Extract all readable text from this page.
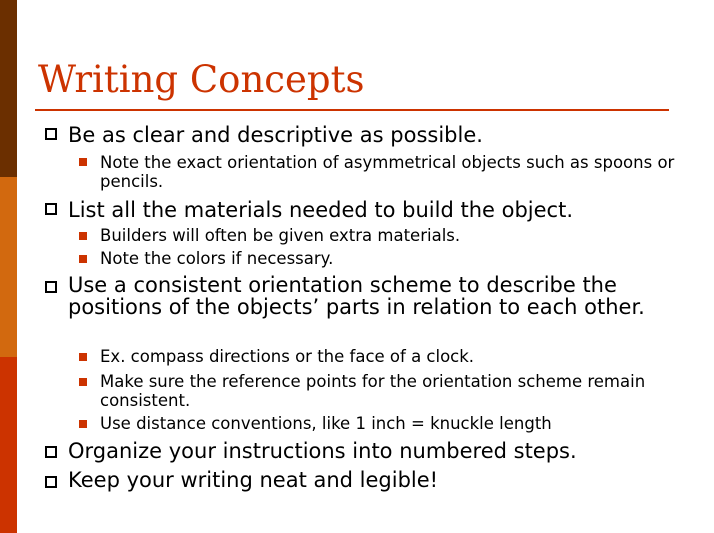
Writing Concepts
Be as clear and descriptive as possible.
Note the exact orientation of asymmetrical objects such as spoons or pencils.
List all the materials needed to build the object.
Builders will often be given extra materials.
Note the colors if necessary.
Use a consistent orientation scheme to describe the positions of the objects’ parts in relation to each other.
Ex. compass directions or the face of a clock.
Make sure the reference points for the orientation scheme remain consistent.
Use distance conventions, like 1 inch = knuckle length
Organize your instructions into numbered steps.
Keep your writing neat and legible!
